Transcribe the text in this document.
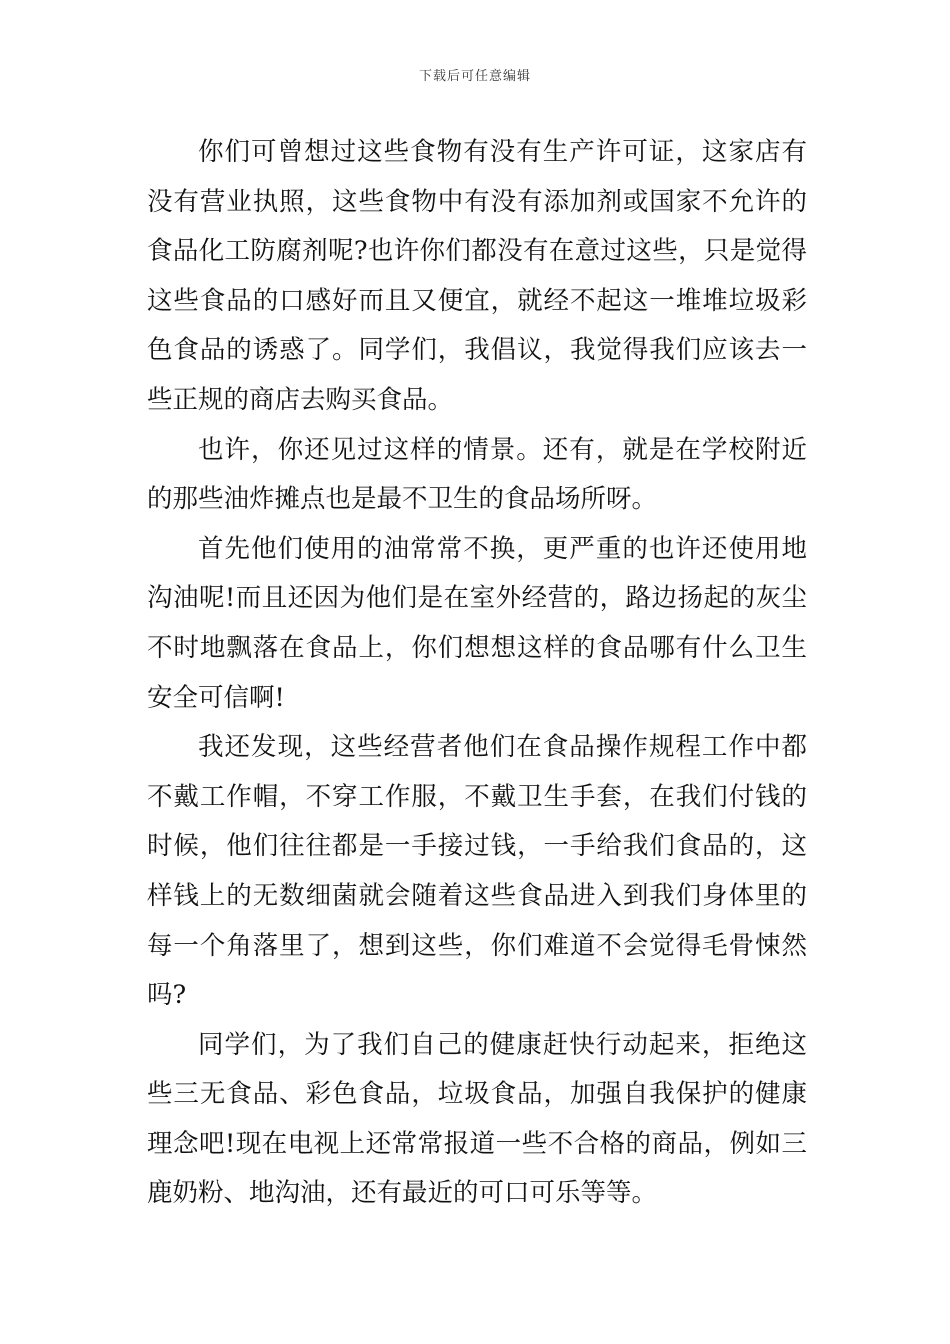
下载后可任意编辑

你们可曾想过这些食物有没有生产许可证，这家店有没有营业执照，这些食物中有没有添加剂或国家不允许的食品化工防腐剂呢?也许你们都没有在意过这些，只是觉得这些食品的口感好而且又便宜，就经不起这一堆堆垃圾彩色食品的诱惑了。同学们，我倡议，我觉得我们应该去一些正规的商店去购买食品。

也许，你还见过这样的情景。还有，就是在学校附近的那些油炸摊点也是最不卫生的食品场所呀。

首先他们使用的油常常不换，更严重的也许还使用地沟油呢!而且还因为他们是在室外经营的，路边扬起的灰尘不时地飘落在食品上，你们想想这样的食品哪有什么卫生安全可信啊!

我还发现，这些经营者他们在食品操作规程工作中都不戴工作帽，不穿工作服，不戴卫生手套，在我们付钱的时候，他们往往都是一手接过钱，一手给我们食品的，这样钱上的无数细菌就会随着这些食品进入到我们身体里的每一个角落里了，想到这些，你们难道不会觉得毛骨悚然吗?

同学们，为了我们自己的健康赶快行动起来，拒绝这些三无食品、彩色食品，垃圾食品，加强自我保护的健康理念吧!现在电视上还常常报道一些不合格的商品，例如三鹿奶粉、地沟油，还有最近的可口可乐等等。
